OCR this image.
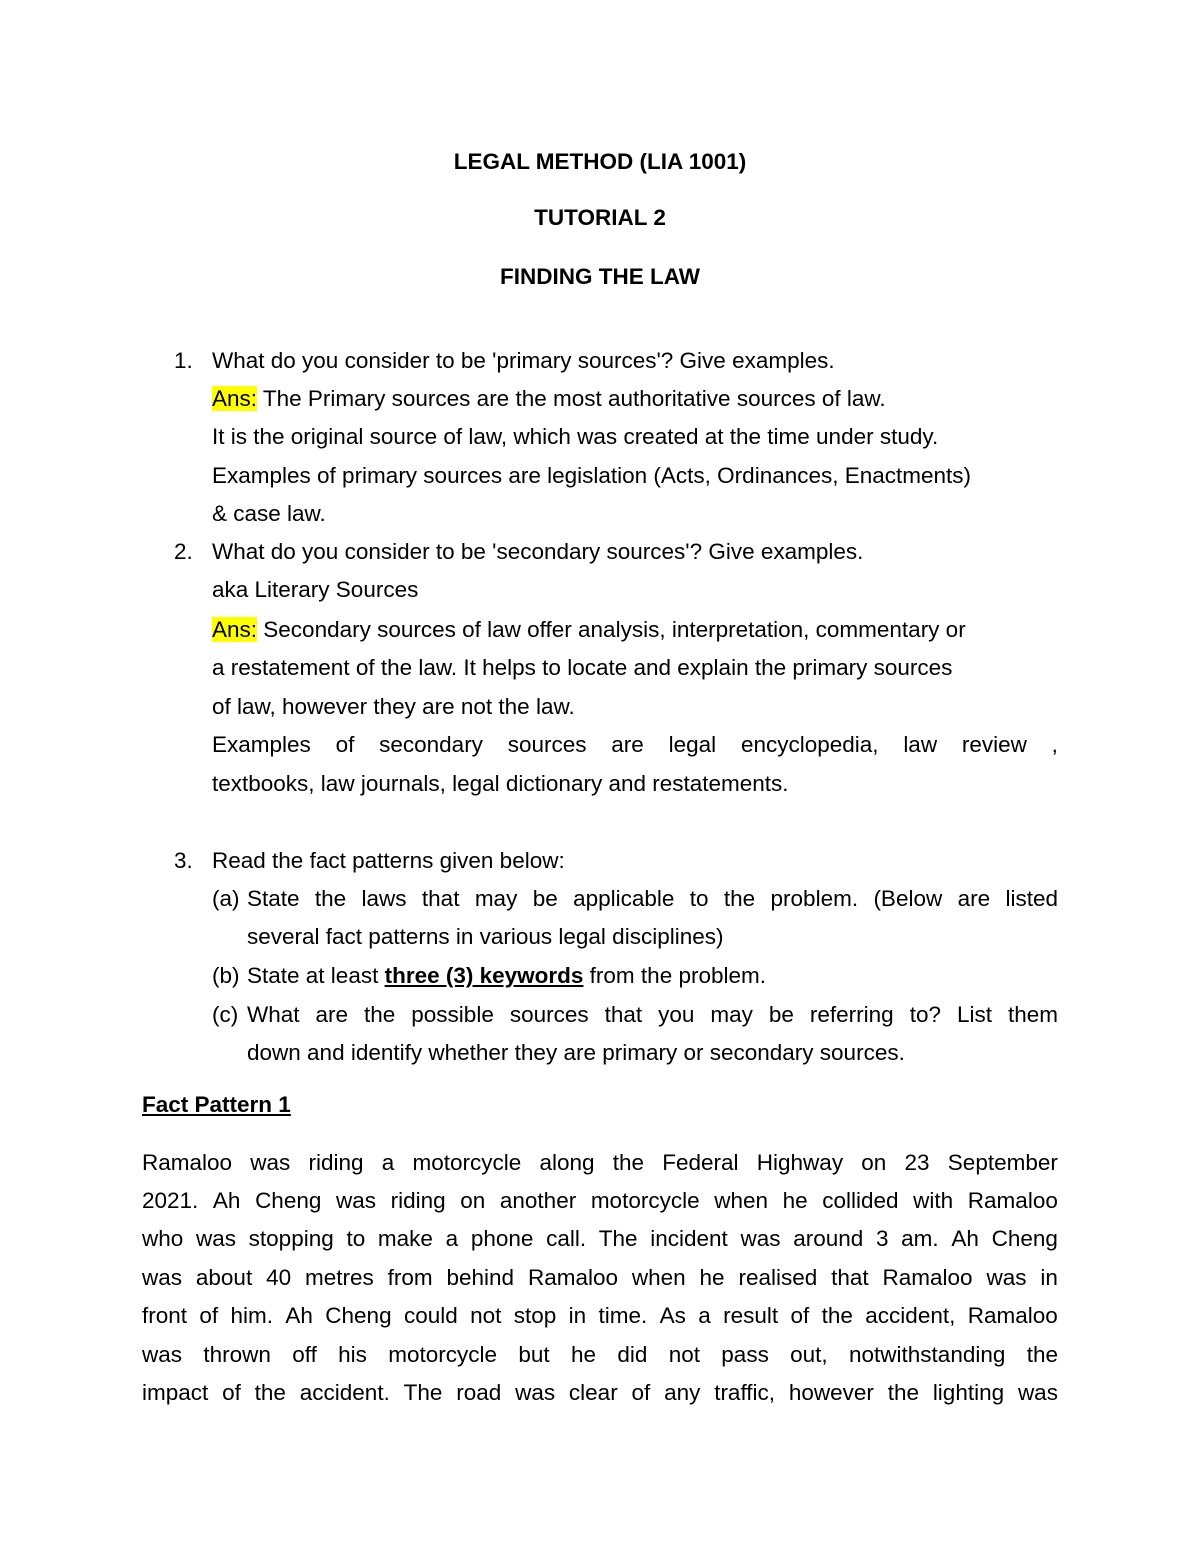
LEGAL METHOD (LIA 1001)
TUTORIAL 2
FINDING THE LAW
1. What do you consider to be 'primary sources'? Give examples.
Ans: The Primary sources are the most authoritative sources of law.
It is the original source of law, which was created at the time under study.
Examples of primary sources are legislation (Acts, Ordinances, Enactments)
& case law.
2. What do you consider to be 'secondary sources'? Give examples.
aka Literary Sources
Ans: Secondary sources of law offer analysis, interpretation, commentary or
a restatement of the law. It helps to locate and explain the primary sources
of law, however they are not the law.
Examples of secondary sources are legal encyclopedia, law review ,
textbooks, law journals, legal dictionary and restatements.
3. Read the fact patterns given below:
(a) State the laws that may be applicable to the problem. (Below are listed
several fact patterns in various legal disciplines)
(b) State at least three (3) keywords from the problem.
(c) What are the possible sources that you may be referring to? List them
down and identify whether they are primary or secondary sources.
Fact Pattern 1
Ramaloo was riding a motorcycle along the Federal Highway on 23 September
2021. Ah Cheng was riding on another motorcycle when he collided with Ramaloo
who was stopping to make a phone call. The incident was around 3 am. Ah Cheng
was about 40 metres from behind Ramaloo when he realised that Ramaloo was in
front of him. Ah Cheng could not stop in time. As a result of the accident, Ramaloo
was thrown off his motorcycle but he did not pass out, notwithstanding the
impact of the accident. The road was clear of any traffic, however the lighting was
